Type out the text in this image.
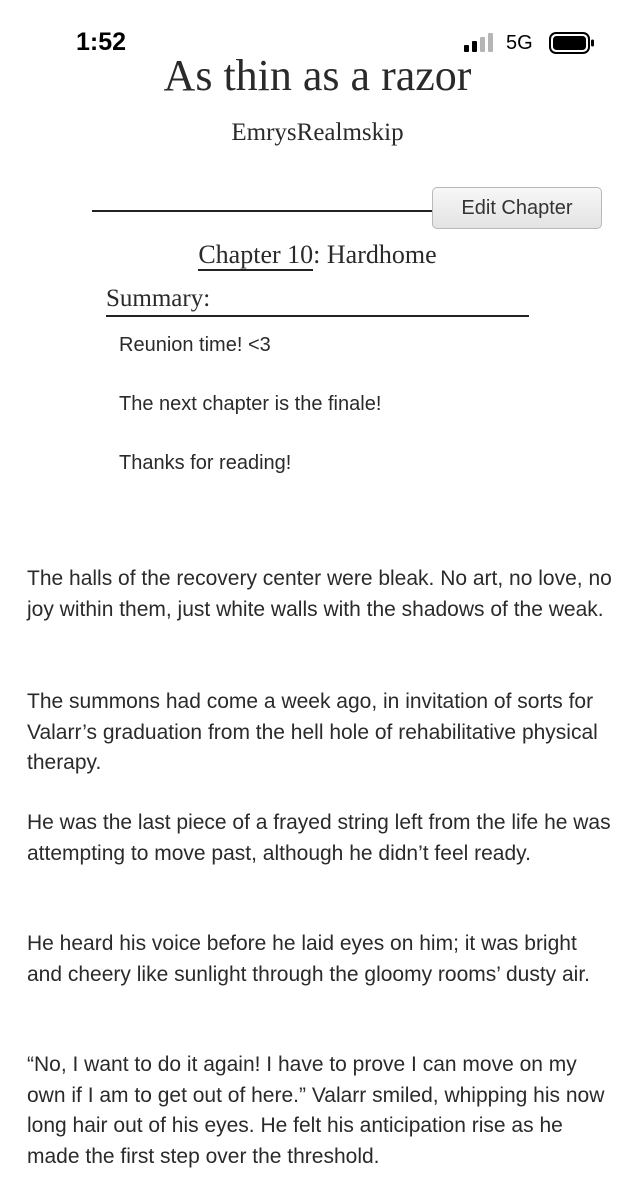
1:52	5G
As thin as a razor
EmrysRealmskip
Edit Chapter
Chapter 10: Hardhome
Summary:
Reunion time! <3
The next chapter is the finale!
Thanks for reading!

The halls of the recovery center were bleak. No art, no love, no joy within them, just white walls with the shadows of the weak.

The summons had come a week ago, in invitation of sorts for Valarr’s graduation from the hell hole of rehabilitative physical therapy.

He was the last piece of a frayed string left from the life he was attempting to move past, although he didn’t feel ready.

He heard his voice before he laid eyes on him; it was bright and cheery like sunlight through the gloomy rooms’ dusty air.

“No, I want to do it again! I have to prove I can move on my own if I am to get out of here.” Valarr smiled, whipping his now long hair out of his eyes. He felt his anticipation rise as he made the first step over the threshold.
